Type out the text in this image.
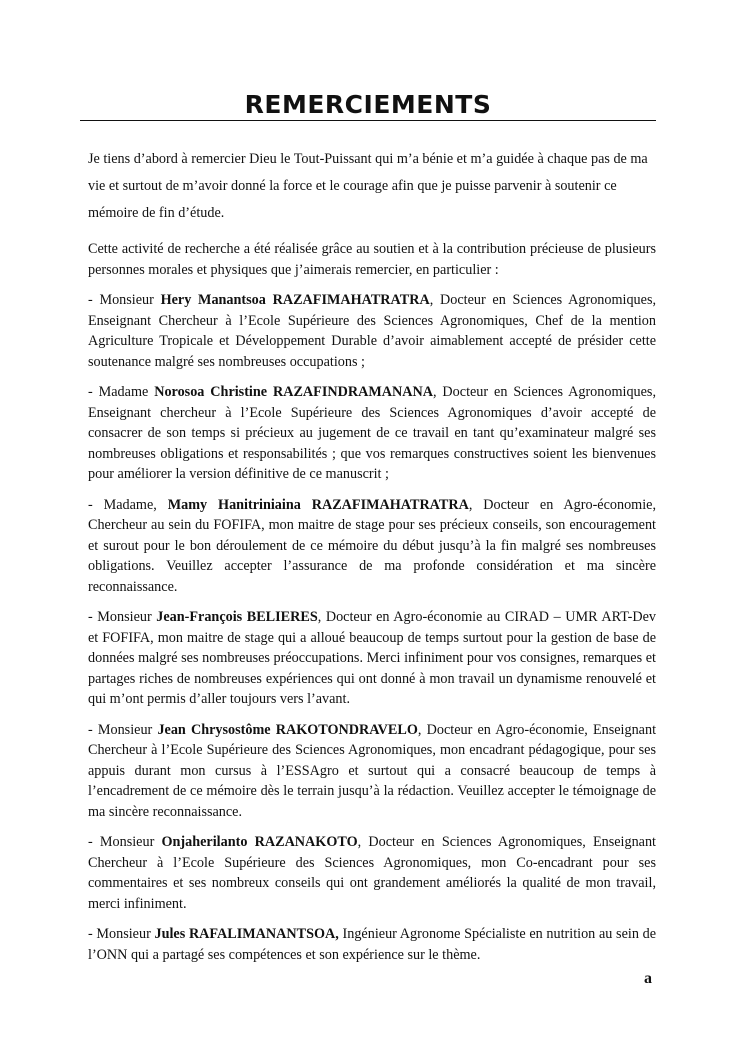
REMERCIEMENTS

Je tiens d’abord à remercier Dieu le Tout-Puissant qui m’a bénie et m’a guidée à chaque pas de ma vie et surtout de m’avoir donné la force et le courage afin que je puisse parvenir à soutenir ce mémoire de fin d’étude.

Cette activité de recherche a été réalisée grâce au soutien et à la contribution précieuse de plusieurs personnes morales et physiques que j’aimerais remercier, en particulier :

- Monsieur Hery Manantsoa RAZAFIMAHATRATRA, Docteur en Sciences Agronomiques, Enseignant Chercheur à l’Ecole Supérieure des Sciences Agronomiques, Chef de la mention Agriculture Tropicale et Développement Durable d’avoir aimablement accepté de présider cette soutenance malgré ses nombreuses occupations ;

- Madame Norosoa Christine RAZAFINDRAMANANA, Docteur en Sciences Agronomiques, Enseignant chercheur à l’Ecole Supérieure des Sciences Agronomiques d’avoir accepté de consacrer de son temps si précieux au jugement de ce travail en tant qu’examinateur malgré ses nombreuses obligations et responsabilités ; que vos remarques constructives soient les bienvenues pour améliorer la version définitive de ce manuscrit ;

- Madame, Mamy Hanitriniaina RAZAFIMAHATRATRA, Docteur en Agro-économie, Chercheur au sein du FOFIFA, mon maitre de stage pour ses précieux conseils, son encouragement et surout pour le bon déroulement de ce mémoire du début jusqu’à la fin malgré ses nombreuses obligations. Veuillez accepter l’assurance de ma profonde considération et ma sincère reconnaissance.

- Monsieur Jean-François BELIERES, Docteur en Agro-économie au CIRAD – UMR ART-Dev et FOFIFA, mon maitre de stage qui a alloué beaucoup de temps surtout pour la gestion de base de données malgré ses nombreuses préoccupations. Merci infiniment pour vos consignes, remarques et partages riches de nombreuses expériences qui ont donné à mon travail un dynamisme renouvelé et qui m’ont permis d’aller toujours vers l’avant.

- Monsieur Jean Chrysostôme RAKOTONDRAVELO, Docteur en Agro-économie, Enseignant Chercheur à l’Ecole Supérieure des Sciences Agronomiques, mon encadrant pédagogique, pour ses appuis durant mon cursus à l’ESSAgro et surtout qui a consacré beaucoup de temps à l’encadrement de ce mémoire dès le terrain jusqu’à la rédaction. Veuillez accepter le témoignage de ma sincère reconnaissance.

- Monsieur Onjaherilanto RAZANAKOTO, Docteur en Sciences Agronomiques, Enseignant Chercheur à l’Ecole Supérieure des Sciences Agronomiques, mon Co-encadrant pour ses commentaires et ses nombreux conseils qui ont grandement améliorés la qualité de mon travail, merci infiniment.

- Monsieur Jules RAFALIMANANTSOA, Ingénieur Agronome Spécialiste en nutrition au sein de l’ONN qui a partagé ses compétences et son expérience sur le thème.

a
